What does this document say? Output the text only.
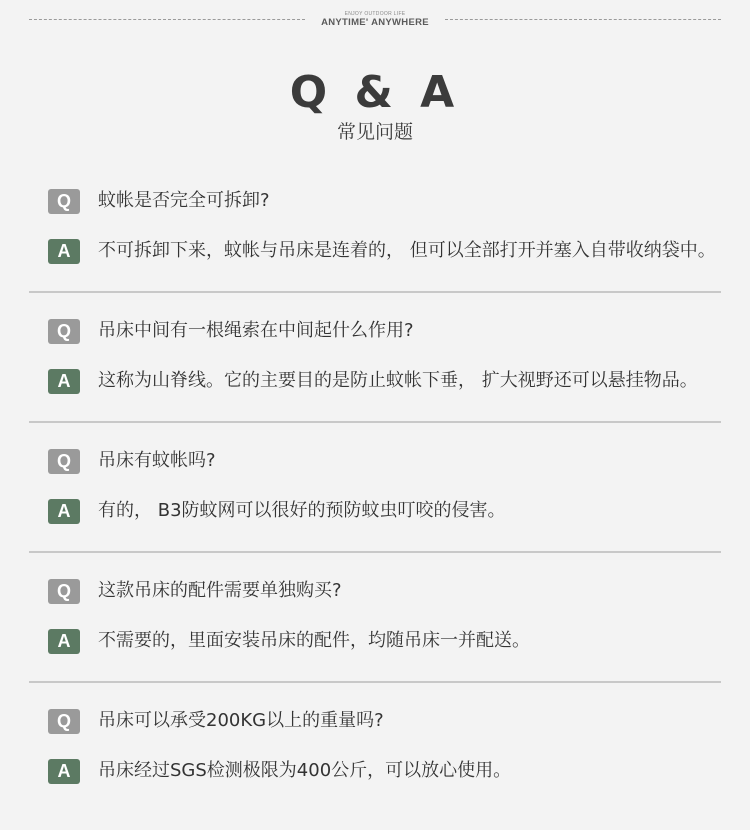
ENJOY OUTDOOR LIFE
ANYTIME' ANYWHERE
Q & A
常见问题
Q	蚊帐是否完全可拆卸?
A	不可拆卸下来，蚊帐与吊床是连着的， 但可以全部打开并塞入自带收纳袋中。
Q	吊床中间有一根绳索在中间起什么作用?
A	这称为山脊线。它的主要目的是防止蚊帐下垂， 扩大视野还可以悬挂物品。
Q	吊床有蚊帐吗?
A	有的， B3防蚊网可以很好的预防蚊虫叮咬的侵害。
Q	这款吊床的配件需要单独购买?
A	不需要的，里面安装吊床的配件，均随吊床一并配送。
Q	吊床可以承受200KG以上的重量吗?
A	吊床经过SGS检测极限为400公斤，可以放心使用。
